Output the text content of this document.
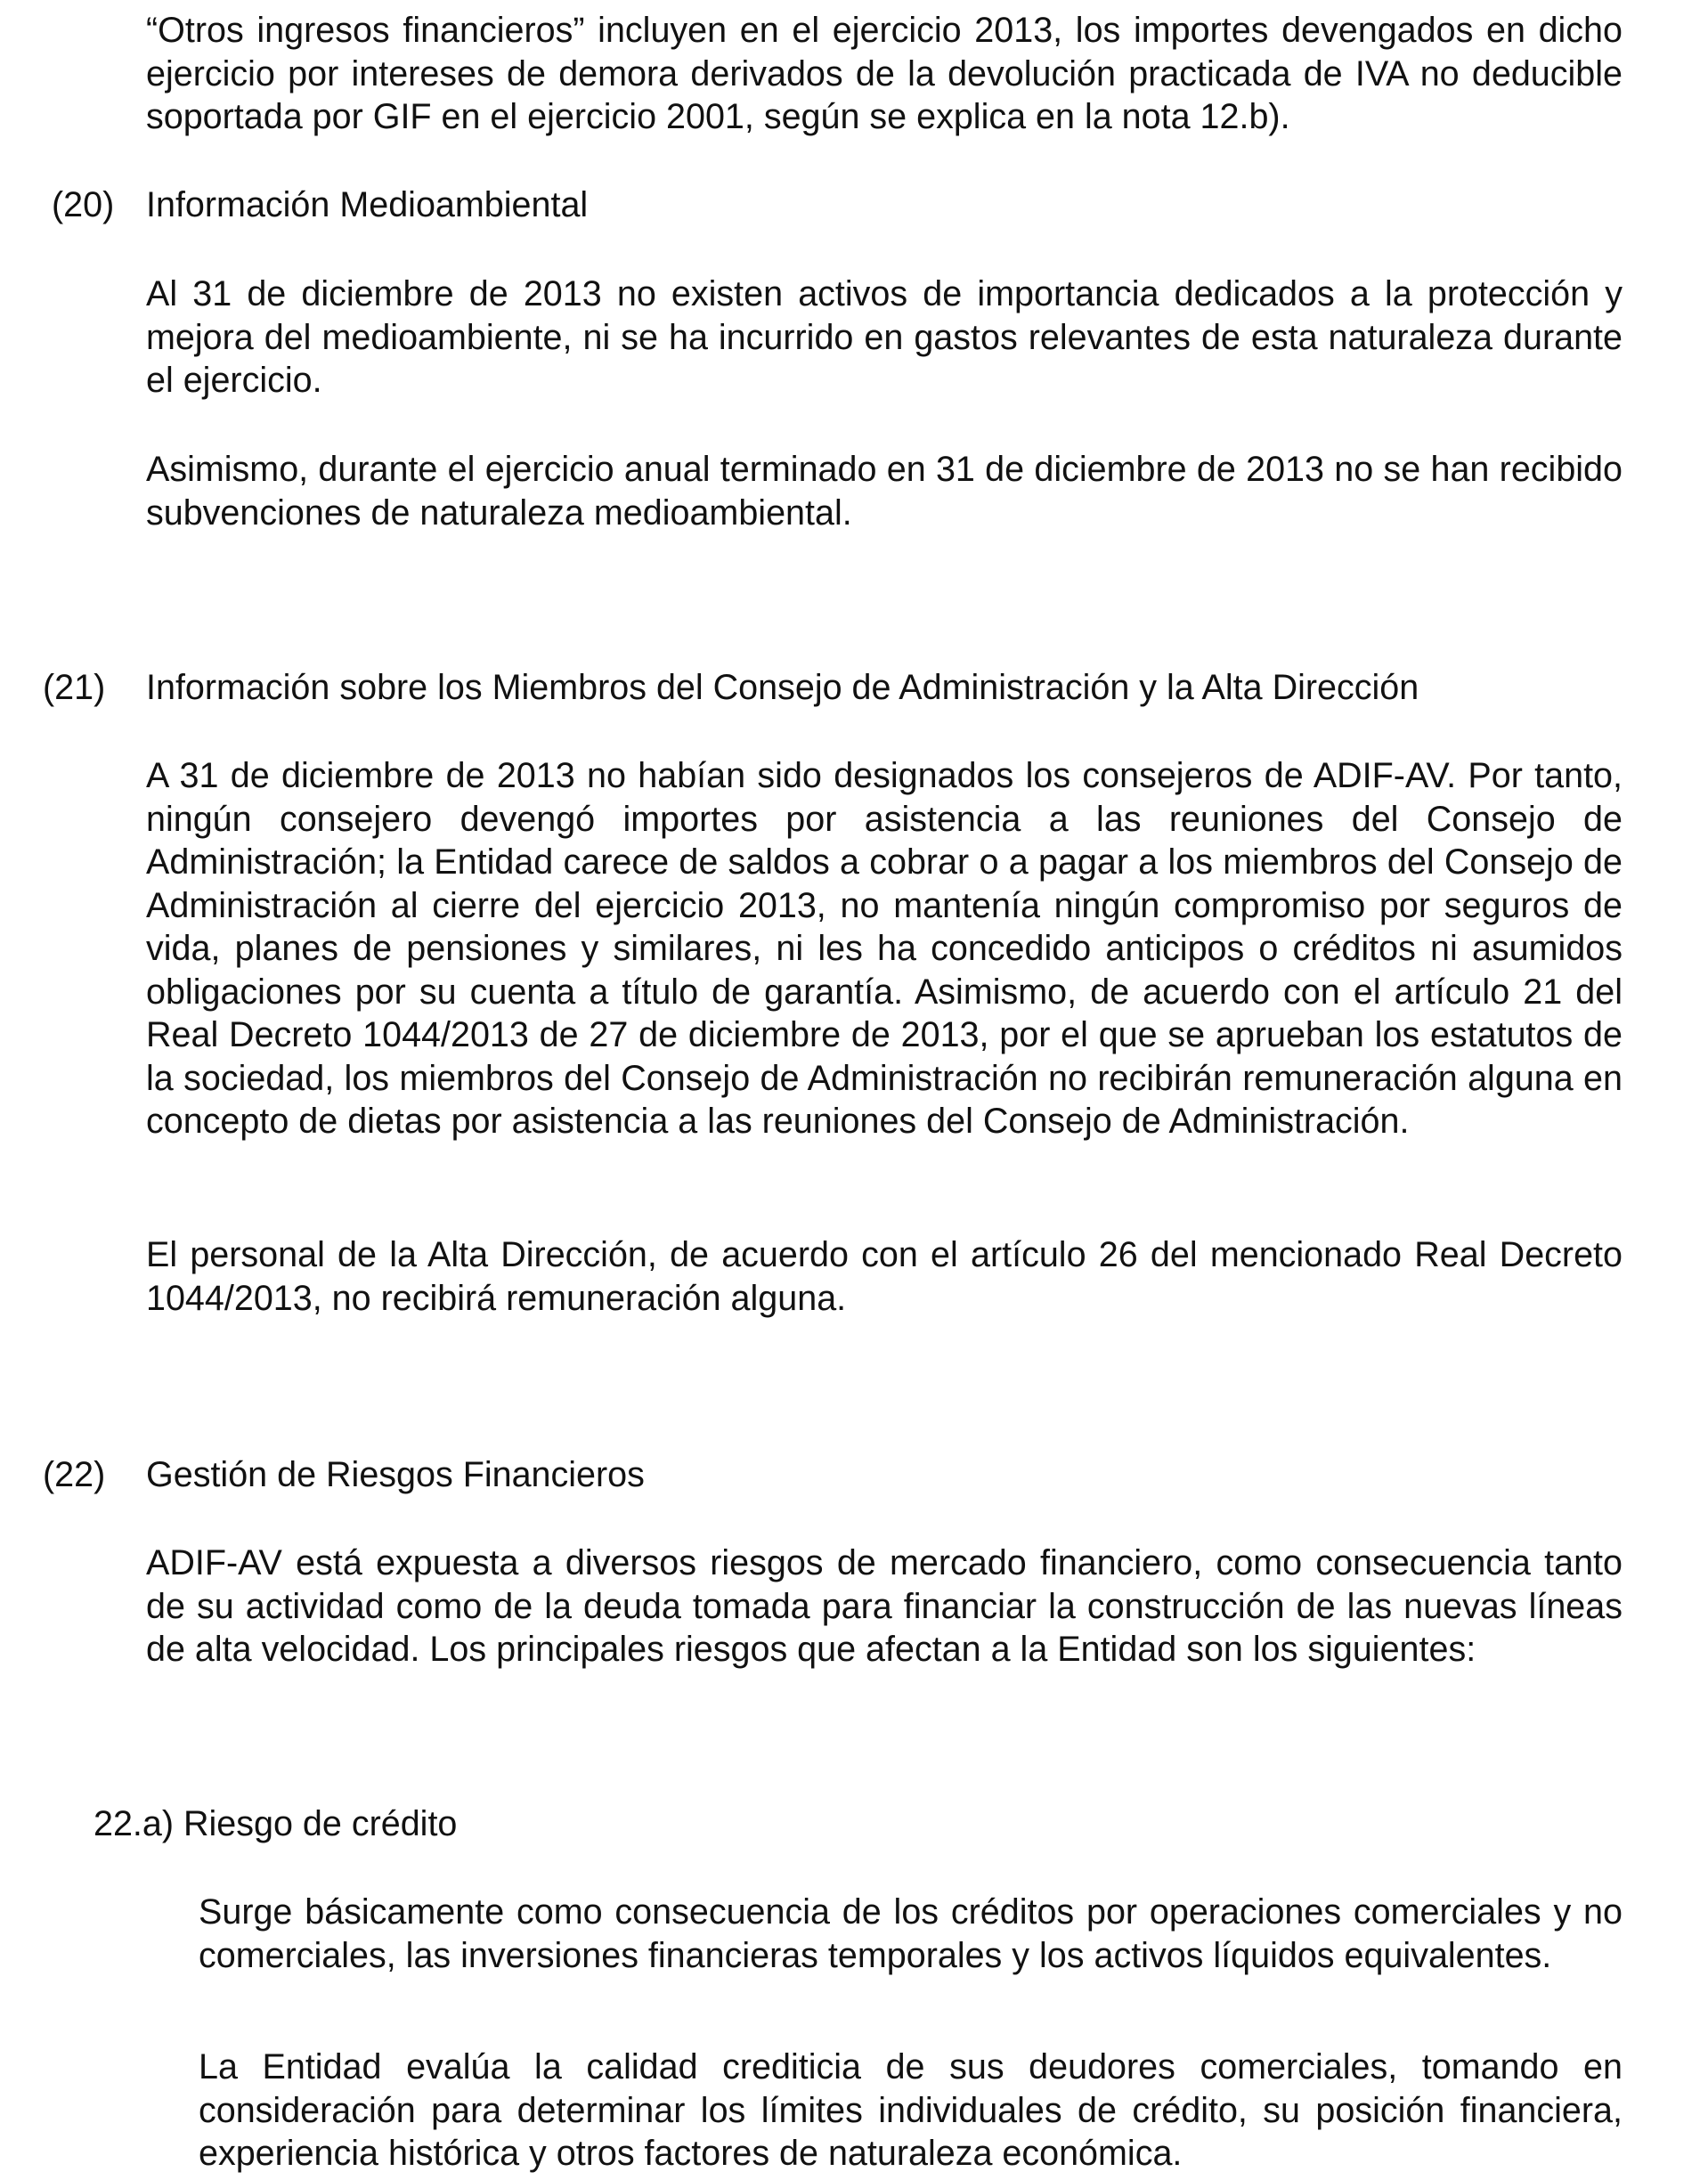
“Otros ingresos financieros” incluyen en el ejercicio 2013, los importes devengados en dicho ejercicio por intereses de demora derivados de la devolución practicada de IVA no deducible soportada por GIF en el ejercicio 2001, según se explica en la nota 12.b).

(20) Información Medioambiental

Al 31 de diciembre de 2013 no existen activos de importancia dedicados a la protección y mejora del medioambiente, ni se ha incurrido en gastos relevantes de esta naturaleza durante el ejercicio.

Asimismo, durante el ejercicio anual terminado en 31 de diciembre de 2013 no se han recibido subvenciones de naturaleza medioambiental.

(21) Información sobre los Miembros del Consejo de Administración y la Alta Dirección

A 31 de diciembre de 2013 no habían sido designados los consejeros de ADIF-AV. Por tanto, ningún consejero devengó importes por asistencia a las reuniones del Consejo de Administración; la Entidad carece de saldos a cobrar o a pagar a los miembros del Consejo de Administración al cierre del ejercicio 2013, no mantenía ningún compromiso por seguros de vida, planes de pensiones y similares, ni les ha concedido anticipos o créditos ni asumidos obligaciones por su cuenta a título de garantía. Asimismo, de acuerdo con el artículo 21 del Real Decreto 1044/2013 de 27 de diciembre de 2013, por el que se aprueban los estatutos de la sociedad, los miembros del Consejo de Administración no recibirán remuneración alguna en concepto de dietas por asistencia a las reuniones del Consejo de Administración.

El personal de la Alta Dirección, de acuerdo con el artículo 26 del mencionado Real Decreto 1044/2013, no recibirá remuneración alguna.

(22) Gestión de Riesgos Financieros

ADIF-AV está expuesta a diversos riesgos de mercado financiero, como consecuencia tanto de su actividad como de la deuda tomada para financiar la construcción de las nuevas líneas de alta velocidad. Los principales riesgos que afectan a la Entidad son los siguientes:

22.a) Riesgo de crédito

Surge básicamente como consecuencia de los créditos por operaciones comerciales y no comerciales, las inversiones financieras temporales y los activos líquidos equivalentes.

La Entidad evalúa la calidad crediticia de sus deudores comerciales, tomando en consideración para determinar los límites individuales de crédito, su posición financiera, experiencia histórica y otros factores de naturaleza económica.
